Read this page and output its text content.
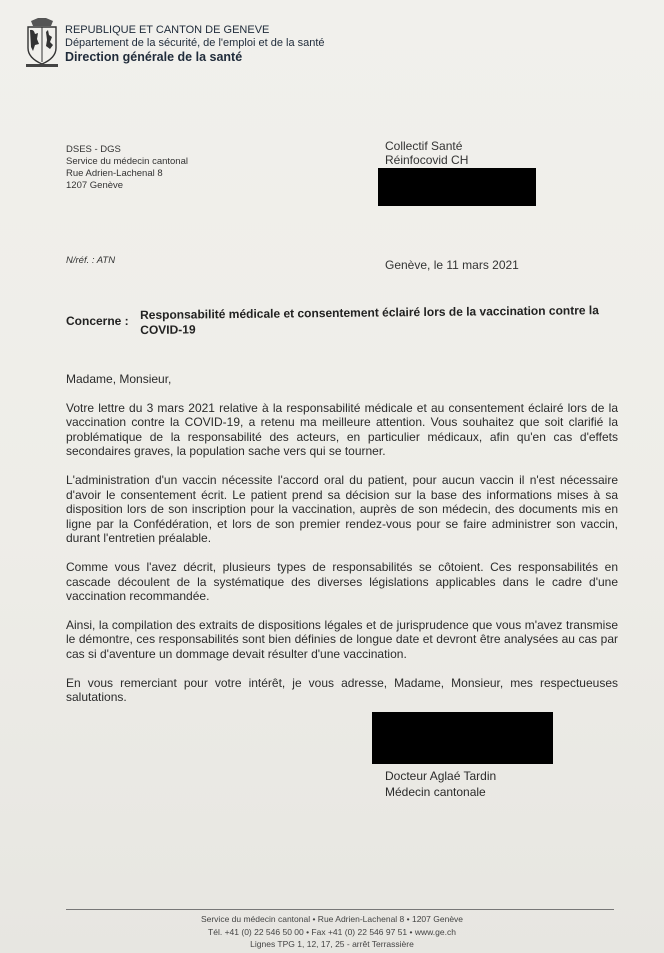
REPUBLIQUE ET CANTON DE GENEVE
Département de la sécurité, de l'emploi et de la santé
Direction générale de la santé
DSES - DGS
Service du médecin cantonal
Rue Adrien-Lachenal 8
1207 Genève
Collectif Santé
Réinfocovid CH
N/réf. : ATN	Genève, le 11 mars 2021
Concerne : Responsabilité médicale et consentement éclairé lors de la vaccination contre la COVID-19

Madame, Monsieur,

Votre lettre du 3 mars 2021 relative à la responsabilité médicale et au consentement éclairé lors de la vaccination contre la COVID-19, a retenu ma meilleure attention. Vous souhaitez que soit clarifié la problématique de la responsabilité des acteurs, en particulier médicaux, afin qu'en cas d'effets secondaires graves, la population sache vers qui se tourner.

L'administration d'un vaccin nécessite l'accord oral du patient, pour aucun vaccin il n'est nécessaire d'avoir le consentement écrit. Le patient prend sa décision sur la base des informations mises à sa disposition lors de son inscription pour la vaccination, auprès de son médecin, des documents mis en ligne par la Confédération, et lors de son premier rendez-vous pour se faire administrer son vaccin, durant l'entretien préalable.

Comme vous l'avez décrit, plusieurs types de responsabilités se côtoient. Ces responsabilités en cascade découlent de la systématique des diverses législations applicables dans le cadre d'une vaccination recommandée.

Ainsi, la compilation des extraits de dispositions légales et de jurisprudence que vous m'avez transmise le démontre, ces responsabilités sont bien définies de longue date et devront être analysées au cas par cas si d'aventure un dommage devait résulter d'une vaccination.

En vous remerciant pour votre intérêt, je vous adresse, Madame, Monsieur, mes respectueuses salutations.

Docteur Aglaé Tardin
Médecin cantonale
Service du médecin cantonal • Rue Adrien-Lachenal 8 • 1207 Genève
Tél. +41 (0) 22 546 50 00 • Fax +41 (0) 22 546 97 51 • www.ge.ch
Lignes TPG 1, 12, 17, 25 - arrêt Terrassière
